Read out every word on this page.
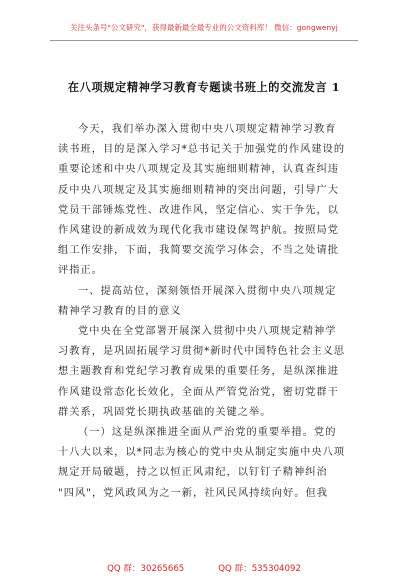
关注头条号"公文研究"，获得最新最全最专业的公文资料库！ 微信：gongwenyj
在八项规定精神学习教育专题读书班上的交流发言 1

今天，我们举办深入贯彻中央八项规定精神学习教育

读书班，目的是深入学习*总书记关于加强党的作风建设的

重要论述和中央八项规定及其实施细则精神，认真查纠违

反中央八项规定及其实施细则精神的突出问题，引导广大

党员干部锤炼党性、改进作风，坚定信心、实干争先，以

作风建设的新成效为现代化我市建设保驾护航。按照局党

组工作安排，下面，我简要交流学习体会，不当之处请批

评指正。

一、提高站位，深刻领悟开展深入贯彻中央八项规定

精神学习教育的目的意义

党中央在全党部署开展深入贯彻中央八项规定精神学

习教育，是巩固拓展学习贯彻*新时代中国特色社会主义思

想主题教育和党纪学习教育成果的重要任务，是纵深推进

作风建设常态化长效化，全面从严管党治党，密切党群干

群关系，巩固党长期执政基础的关键之举。

（一）这是纵深推进全面从严治党的重要举措。党的

十八大以来，以*同志为核心的党中央从制定实施中央八项

规定开局破题，持之以恒正风肃纪，以钉钉子精神纠治

"四风"，党风政风为之一新，社风民风持续向好。但我

QQ 群：30265665	QQ 群：535304092
